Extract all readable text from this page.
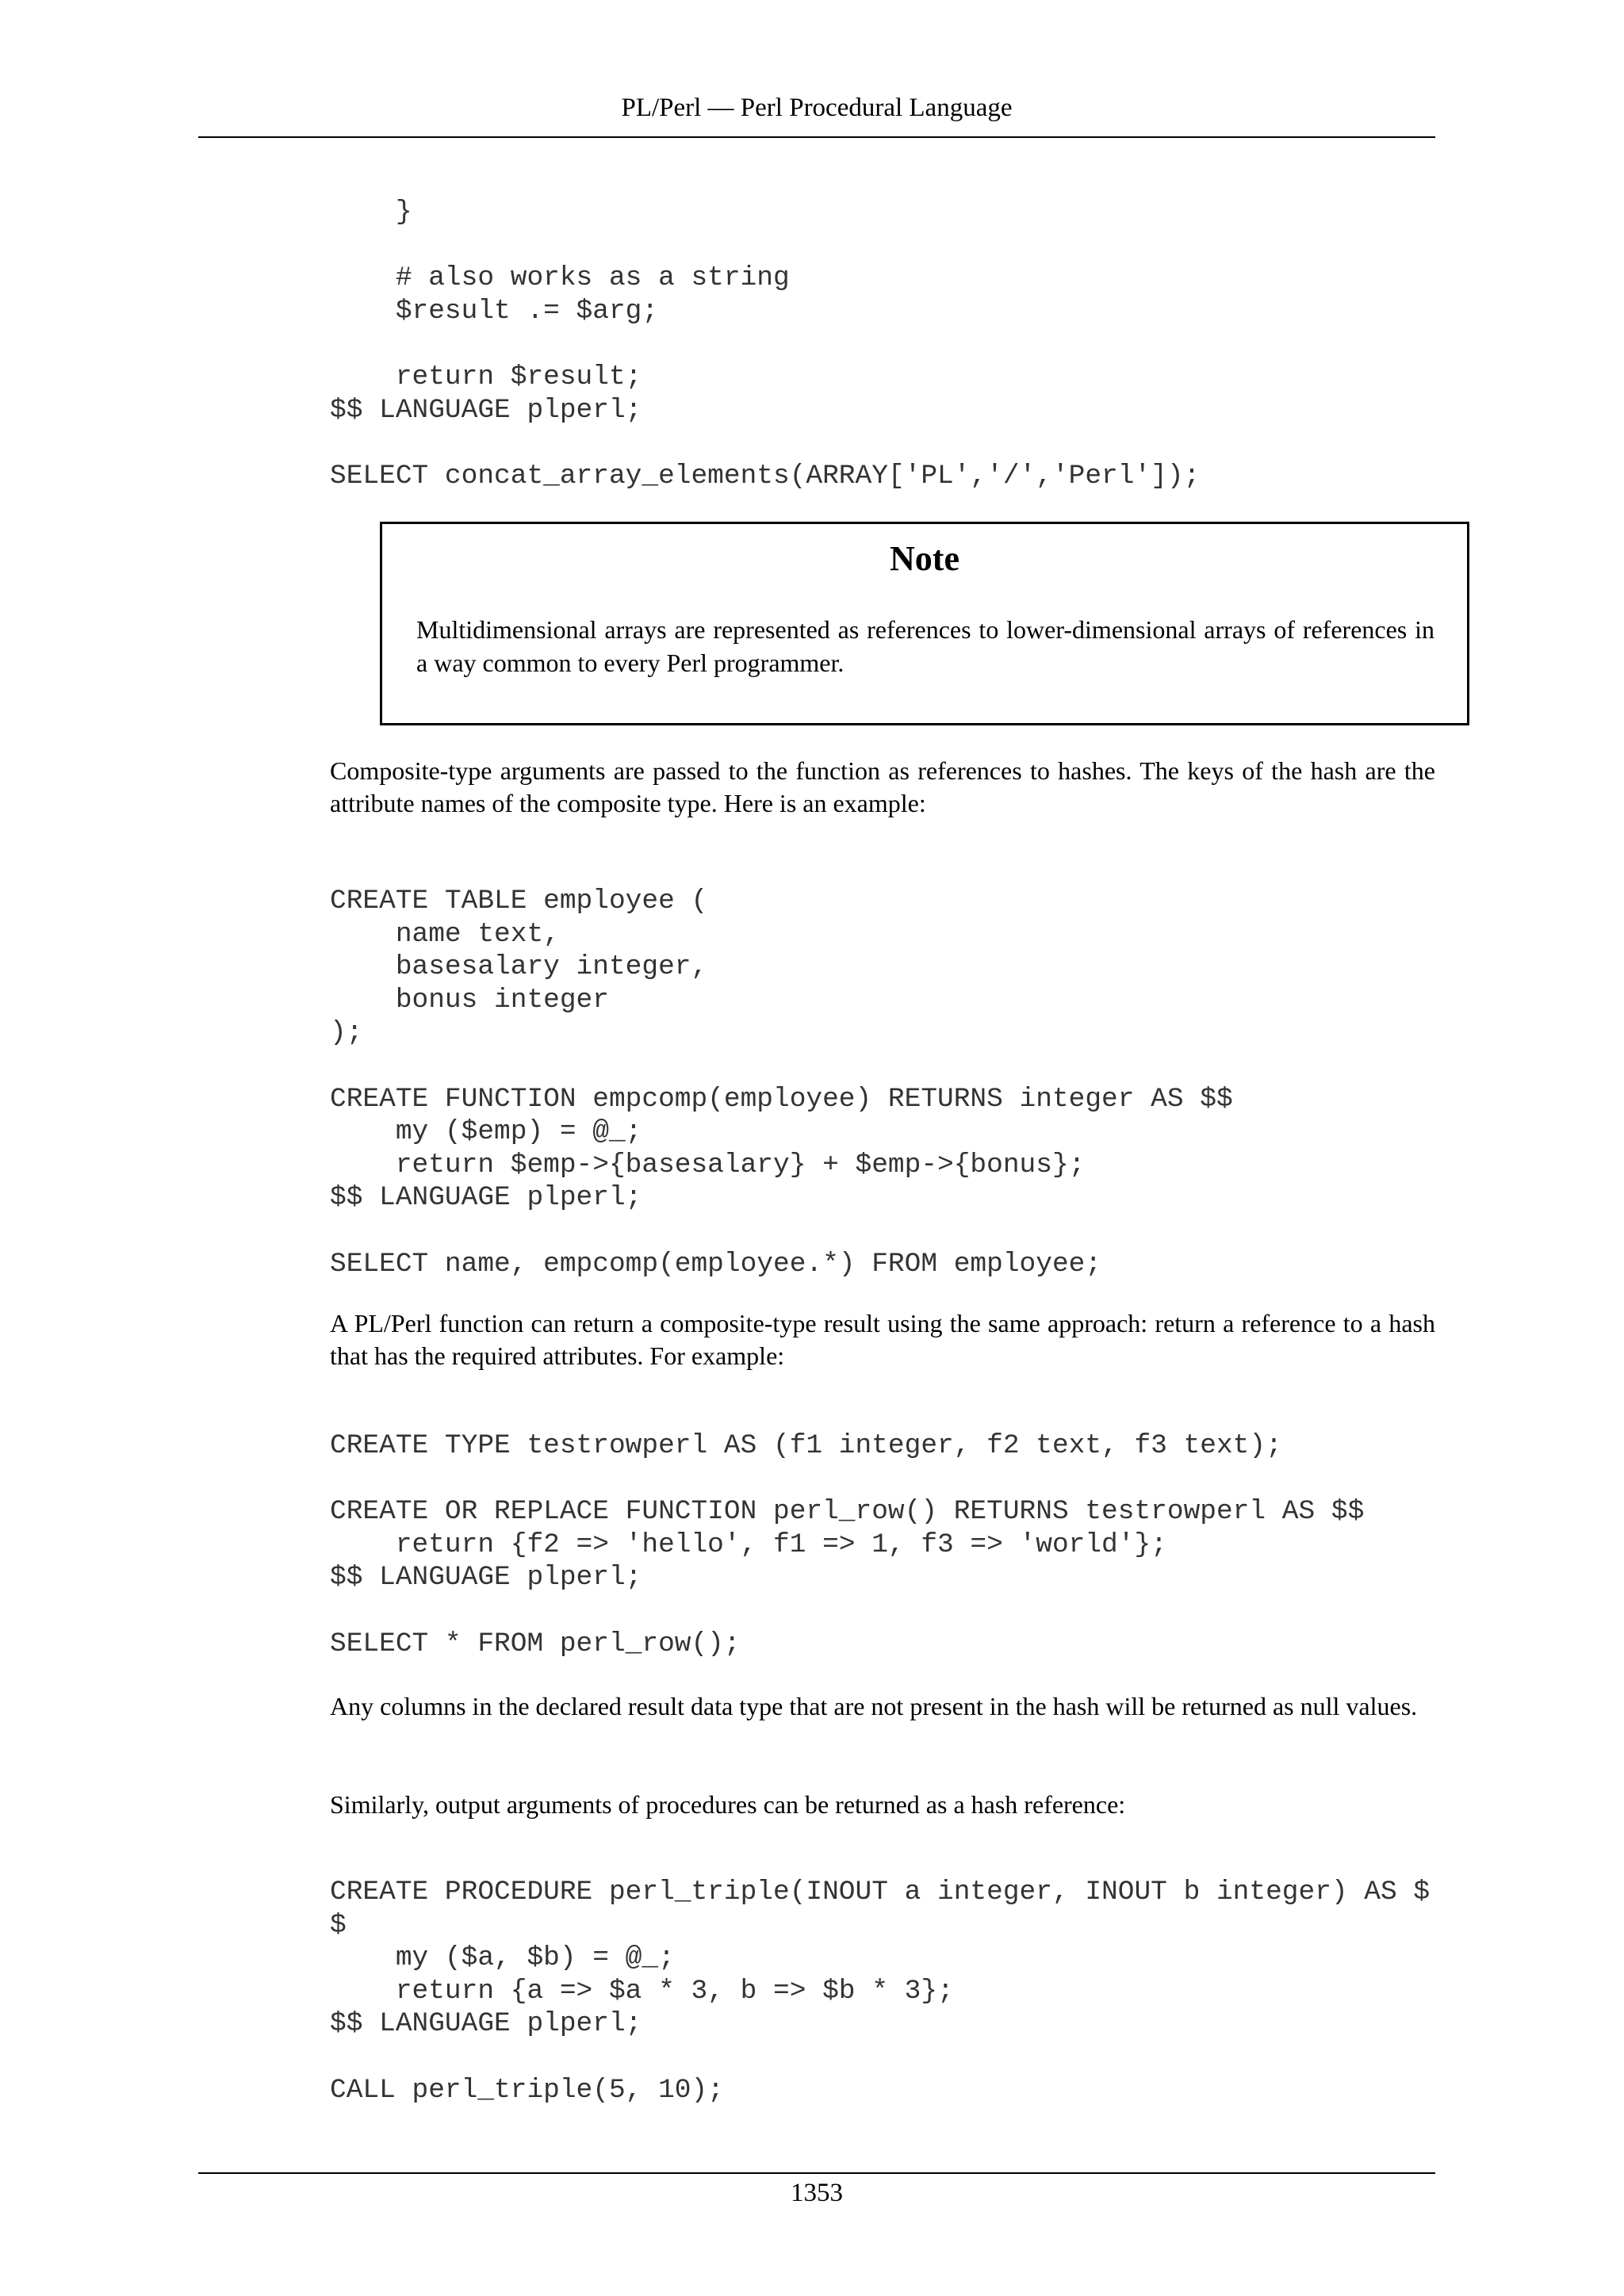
PL/Perl — Perl Procedural Language
}

# also works as a string
$result .= $arg;

return $result;
$$ LANGUAGE plperl;

SELECT concat_array_elements(ARRAY['PL','/','Perl']);
Note

Multidimensional arrays are represented as references to lower-dimensional arrays of references in a way common to every Perl programmer.

Composite-type arguments are passed to the function as references to hashes. The keys of the hash are the attribute names of the composite type. Here is an example:

CREATE TABLE employee (
name text,
basesalary integer,
bonus integer
);

CREATE FUNCTION empcomp(employee) RETURNS integer AS $$
my ($emp) = @_;
return $emp->{basesalary} + $emp->{bonus};
$$ LANGUAGE plperl;

SELECT name, empcomp(employee.*) FROM employee;

A PL/Perl function can return a composite-type result using the same approach: return a reference to a hash that has the required attributes. For example:

CREATE TYPE testrowperl AS (f1 integer, f2 text, f3 text);

CREATE OR REPLACE FUNCTION perl_row() RETURNS testrowperl AS $$
return {f2 => 'hello', f1 => 1, f3 => 'world'};
$$ LANGUAGE plperl;

SELECT * FROM perl_row();

Any columns in the declared result data type that are not present in the hash will be returned as null values.

Similarly, output arguments of procedures can be returned as a hash reference:

CREATE PROCEDURE perl_triple(INOUT a integer, INOUT b integer) AS $
$
my ($a, $b) = @_;
return {a => $a * 3, b => $b * 3};
$$ LANGUAGE plperl;

CALL perl_triple(5, 10);
1353
